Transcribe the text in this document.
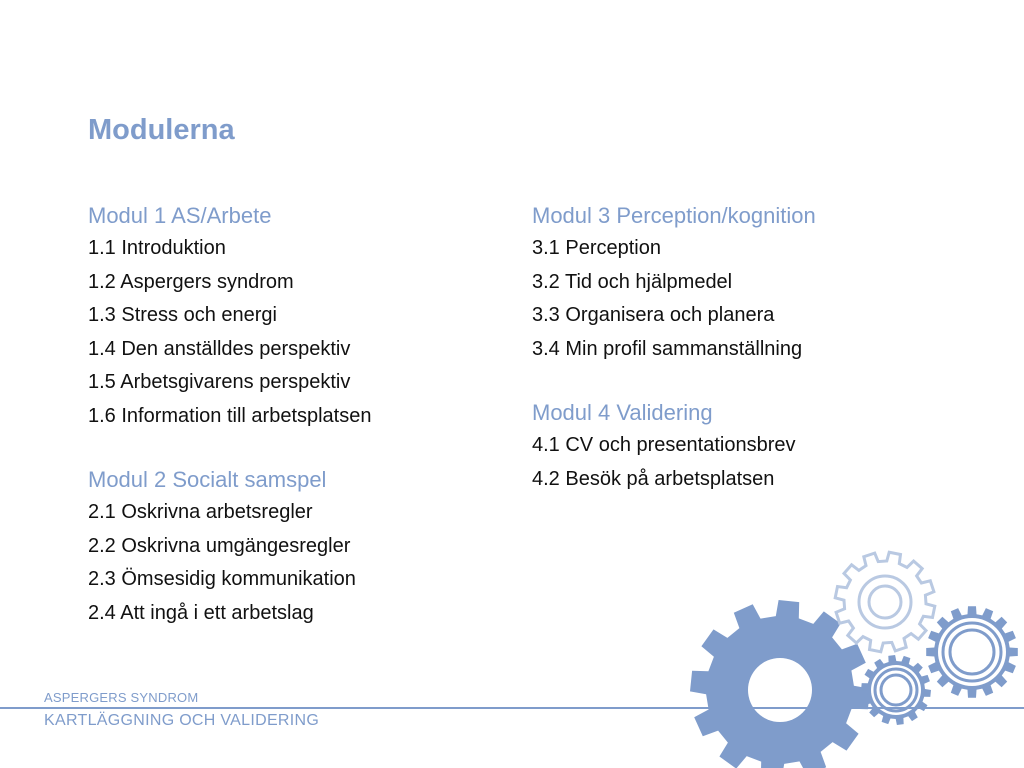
Modulerna
Modul 1 AS/Arbete
1.1 Introduktion
1.2 Aspergers syndrom
1.3 Stress och energi
1.4 Den anställdes perspektiv
1.5 Arbetsgivarens perspektiv
1.6 Information till arbetsplatsen
Modul 2 Socialt samspel
2.1 Oskrivna arbetsregler
2.2 Oskrivna umgängesregler
2.3 Ömsesidig kommunikation
2.4 Att ingå i ett arbetslag
Modul 3 Perception/kognition
3.1 Perception
3.2 Tid och hjälpmedel
3.3 Organisera och planera
3.4 Min profil sammanställning
Modul 4 Validering
4.1 CV och presentationsbrev
4.2 Besök på arbetsplatsen
ASPERGERS SYNDROM
KARTLÄGGNING OCH VALIDERING
